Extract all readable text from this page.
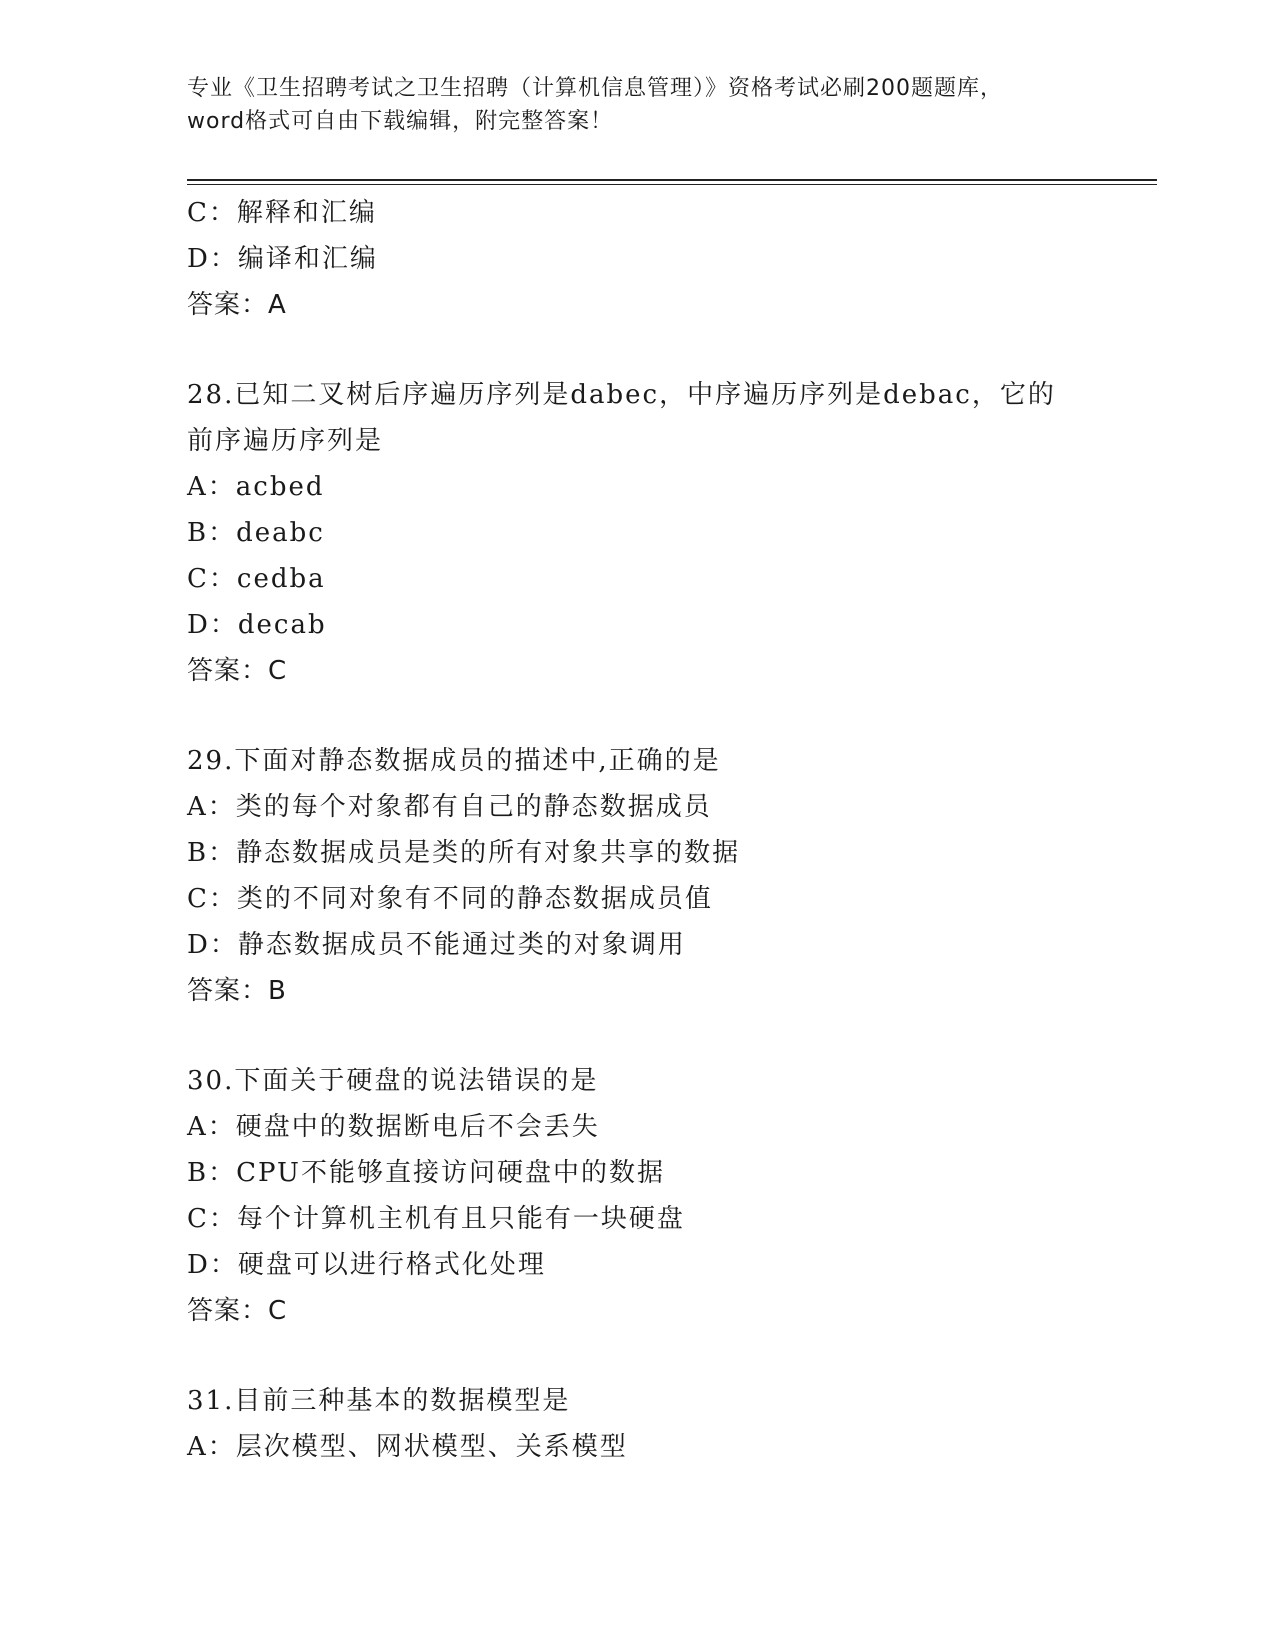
专业《卫生招聘考试之卫生招聘（计算机信息管理）》资格考试必刷200题题库，
word格式可自由下载编辑，附完整答案！
C：解释和汇编
D：编译和汇编
答案：A
28.已知二叉树后序遍历序列是dabec，中序遍历序列是debac，它的
前序遍历序列是
A：acbed
B：deabc
C：cedba
D：decab
答案：C
29.下面对静态数据成员的描述中,正确的是
A：类的每个对象都有自己的静态数据成员
B：静态数据成员是类的所有对象共享的数据
C：类的不同对象有不同的静态数据成员值
D：静态数据成员不能通过类的对象调用
答案：B
30.下面关于硬盘的说法错误的是
A：硬盘中的数据断电后不会丢失
B：CPU不能够直接访问硬盘中的数据
C：每个计算机主机有且只能有一块硬盘
D：硬盘可以进行格式化处理
答案：C
31.目前三种基本的数据模型是
A：层次模型、网状模型、关系模型
